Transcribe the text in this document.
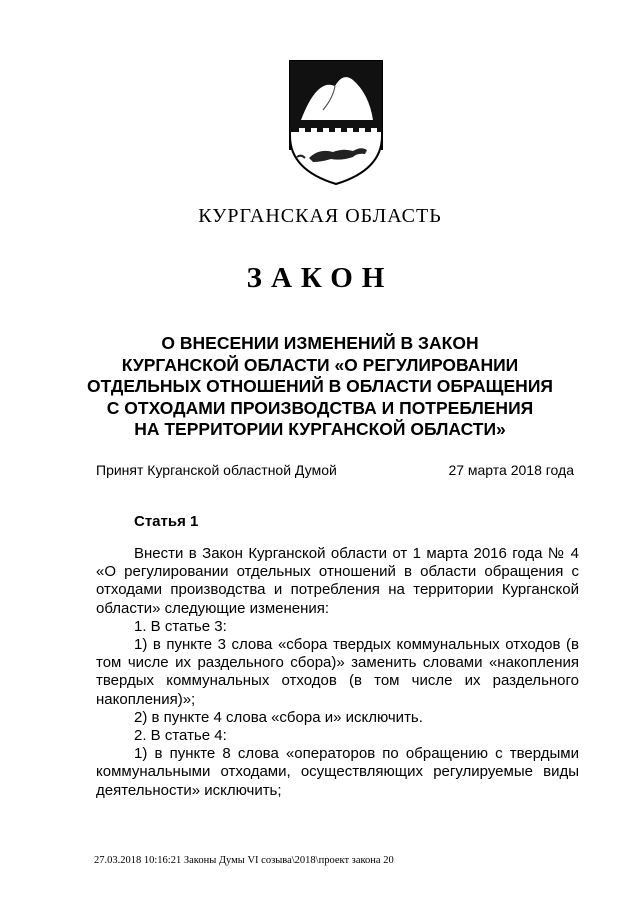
КУРГАНСКАЯ ОБЛАСТЬ
ЗАКОН
О ВНЕСЕНИИ ИЗМЕНЕНИЙ В ЗАКОН
КУРГАНСКОЙ ОБЛАСТИ «О РЕГУЛИРОВАНИИ
ОТДЕЛЬНЫХ ОТНОШЕНИЙ В ОБЛАСТИ ОБРАЩЕНИЯ
С ОТХОДАМИ ПРОИЗВОДСТВА И ПОТРЕБЛЕНИЯ
НА ТЕРРИТОРИИ КУРГАНСКОЙ ОБЛАСТИ»
Принят Курганской областной Думой	27 марта 2018 года
Статья 1

Внести в Закон Курганской области от 1 марта 2016 года № 4 «О регулировании отдельных отношений в области обращения с отходами производства и потребления на территории Курганской области» следующие изменения:

1. В статье 3:

1) в пункте 3 слова «сбора твердых коммунальных отходов (в том числе их раздельного сбора)» заменить словами «накопления твердых коммунальных отходов (в том числе их раздельного накопления)»;

2) в пункте 4 слова «сбора и» исключить.

2. В статье 4:

1) в пункте 8 слова «операторов по обращению с твердыми коммунальными отходами, осуществляющих регулируемые виды деятельности» исключить;

27.03.2018 10:16:21 Законы Думы VI созыва\2018\проект закона 20
